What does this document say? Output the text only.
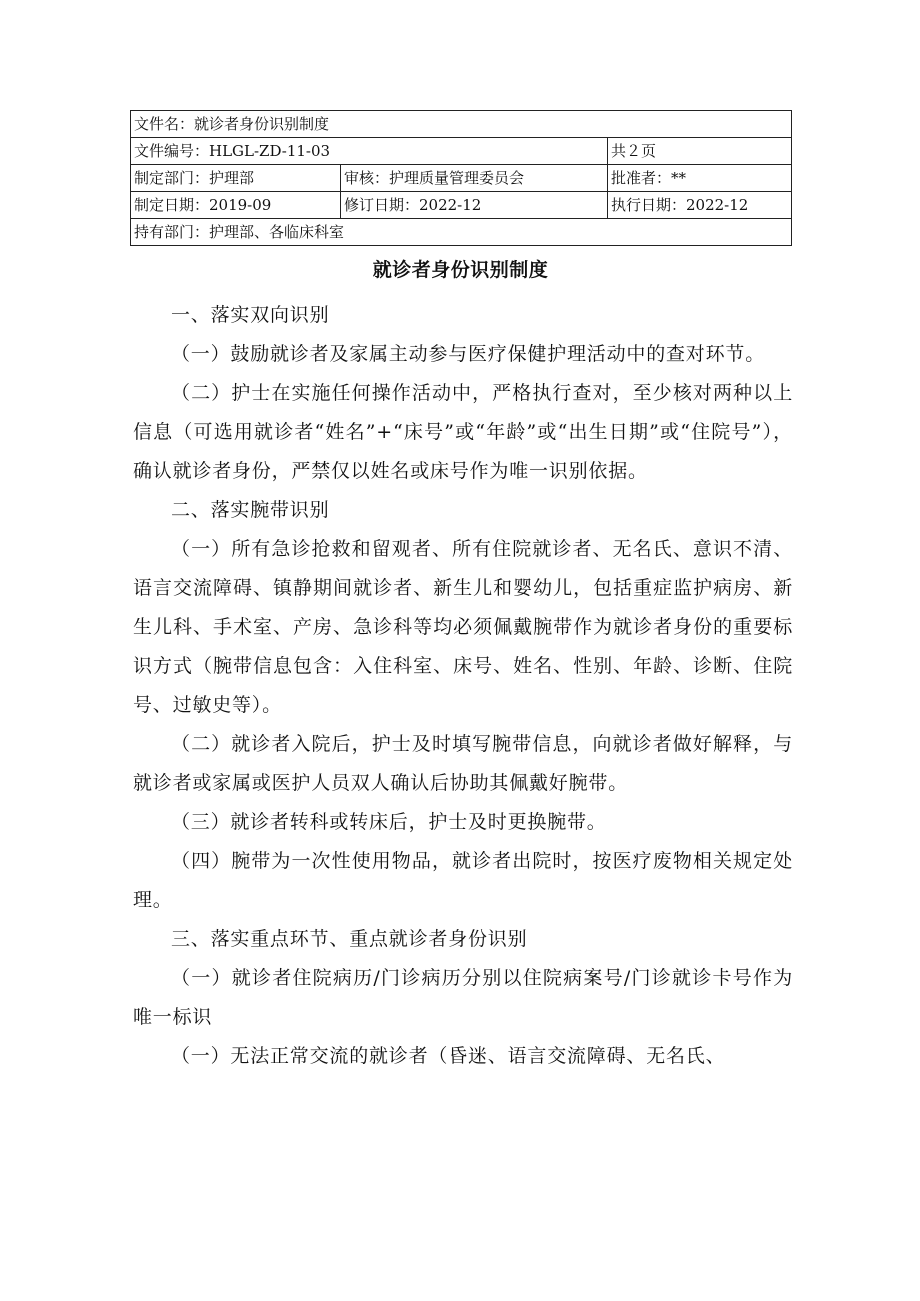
文件名：就诊者身份识别制度		
文件编号：HLGL-ZD-11-03		共２页
制定部门：护理部	审核：护理质量管理委员会	批准者：**
制定日期：2019-09	修订日期：2022-12	执行日期：2022-12
持有部门：护理部、各临床科室		
就诊者身份识别制度

一、落实双向识别

（一）鼓励就诊者及家属主动参与医疗保健护理活动中的查对环节。

（二）护士在实施任何操作活动中，严格执行查对，至少核对两种以上信息（可选用就诊者“姓名”+“床号”或“年龄”或“出生日期”或“住院号”），确认就诊者身份，严禁仅以姓名或床号作为唯一识别依据。

二、落实腕带识别

（一）所有急诊抢救和留观者、所有住院就诊者、无名氏、意识不清、语言交流障碍、镇静期间就诊者、新生儿和婴幼儿，包括重症监护病房、新生儿科、手术室、产房、急诊科等均必须佩戴腕带作为就诊者身份的重要标识方式（腕带信息包含：入住科室、床号、姓名、性别、年龄、诊断、住院号、过敏史等）。

（二）就诊者入院后，护士及时填写腕带信息，向就诊者做好解释，与就诊者或家属或医护人员双人确认后协助其佩戴好腕带。

（三）就诊者转科或转床后，护士及时更换腕带。

（四）腕带为一次性使用物品，就诊者出院时，按医疗废物相关规定处理。

三、落实重点环节、重点就诊者身份识别

（一）就诊者住院病历/门诊病历分别以住院病案号/门诊就诊卡号作为唯一标识

（一）无法正常交流的就诊者（昏迷、语言交流障碍、无名氏、
